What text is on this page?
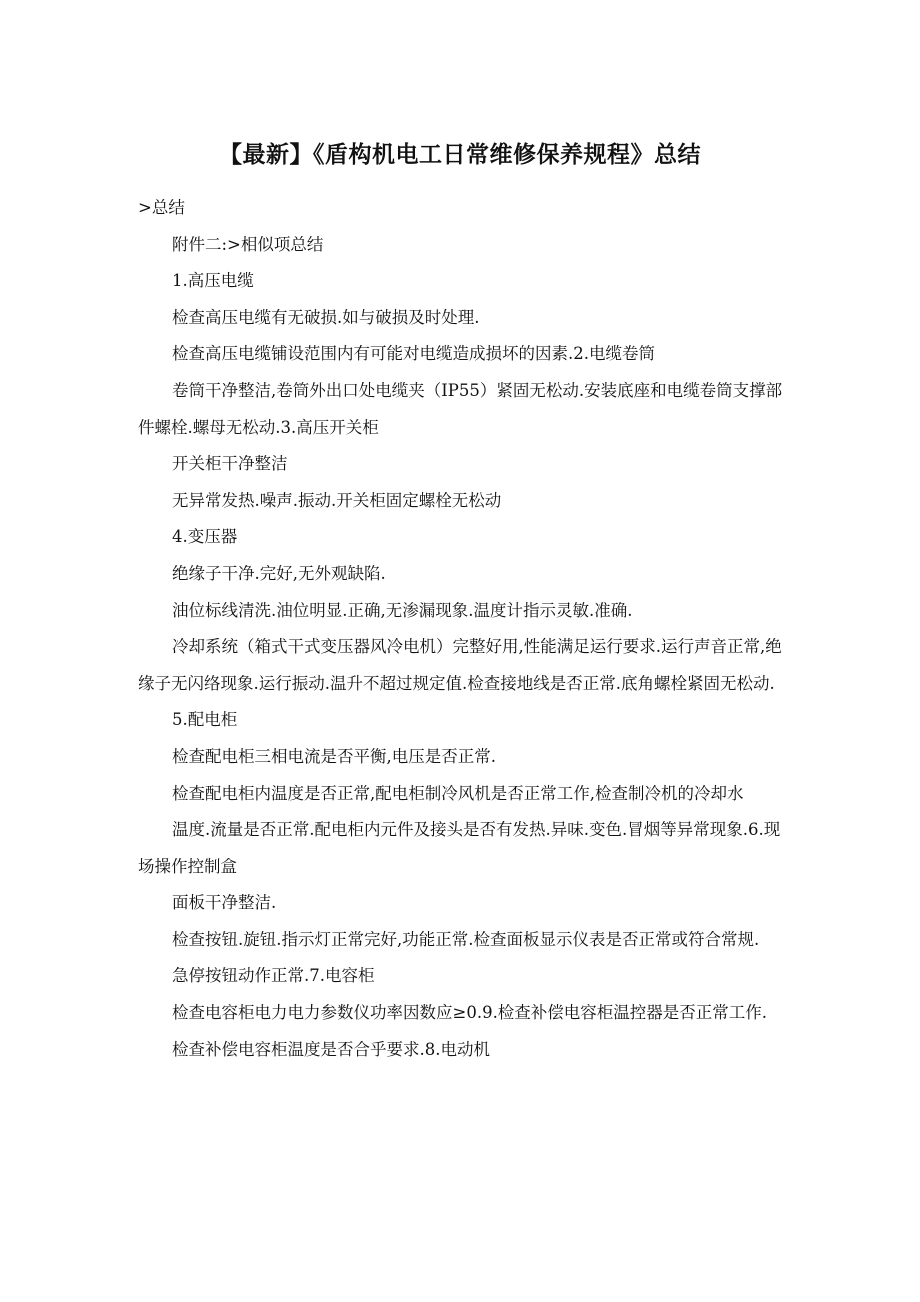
【最新】《盾构机电工日常维修保养规程》总结

>总结

附件二:>相似项总结

1.高压电缆

检查高压电缆有无破损.如与破损及时处理.

检查高压电缆铺设范围内有可能对电缆造成损坏的因素.2.电缆卷筒

卷筒干净整洁,卷筒外出口处电缆夹（IP55）紧固无松动.安装底座和电缆卷筒支撑部件螺栓.螺母无松动.3.高压开关柜

开关柜干净整洁

无异常发热.噪声.振动.开关柜固定螺栓无松动

4.变压器

绝缘子干净.完好,无外观缺陷.

油位标线清洗.油位明显.正确,无渗漏现象.温度计指示灵敏.准确.

冷却系统（箱式干式变压器风冷电机）完整好用,性能满足运行要求.运行声音正常,绝缘子无闪络现象.运行振动.温升不超过规定值.检查接地线是否正常.底角螺栓紧固无松动.

5.配电柜

检查配电柜三相电流是否平衡,电压是否正常.

检查配电柜内温度是否正常,配电柜制冷风机是否正常工作,检查制冷机的冷却水

温度.流量是否正常.配电柜内元件及接头是否有发热.异味.变色.冒烟等异常现象.6.现场操作控制盒

面板干净整洁.

检查按钮.旋钮.指示灯正常完好,功能正常.检查面板显示仪表是否正常或符合常规.

急停按钮动作正常.7.电容柜

检查电容柜电力电力参数仪功率因数应≥0.9.检查补偿电容柜温控器是否正常工作.

检查补偿电容柜温度是否合乎要求.8.电动机
